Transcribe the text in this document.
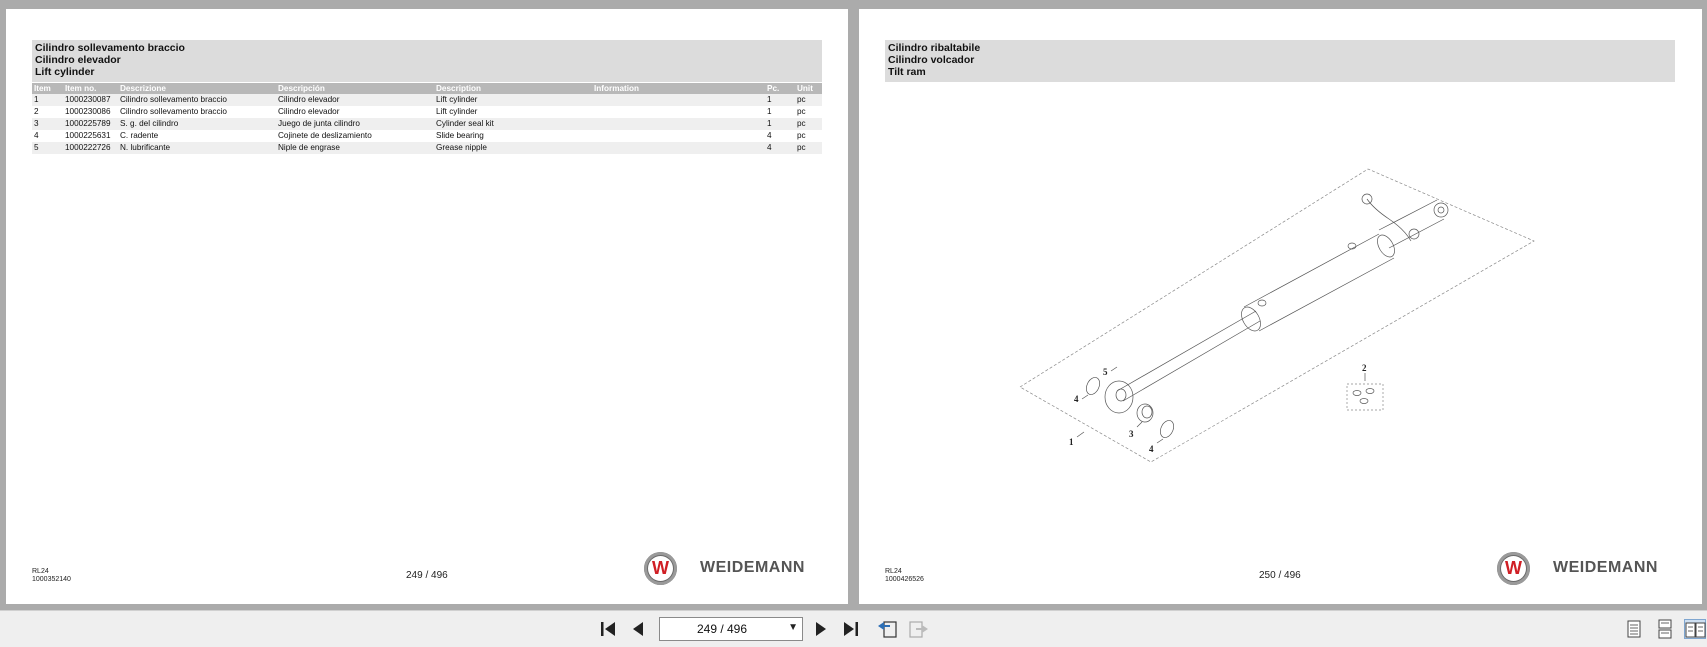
Cilindro sollevamento braccio
Cilindro elevador
Lift cylinder
Item	Item no.	Descrizione	Descripción	Description	Information	Pc.	Unit
1	1000230087	Cilindro sollevamento braccio	Cilindro elevador	Lift cylinder		1	pc
2	1000230086	Cilindro sollevamento braccio	Cilindro elevador	Lift cylinder		1	pc
3	1000225789	S. g. del cilindro	Juego de junta cilindro	Cylinder seal kit		1	pc
4	1000225631	C. radente	Cojinete de deslizamiento	Slide bearing		4	pc
5	1000222726	N. lubrificante	Niple de engrase	Grease nipple		4	pc
RL24
1000352140	249 / 496	W WEIDEMANN
Cilindro ribaltabile
Cilindro volcador
Tilt ram
1
2
3
4
4
5
RL24
1000426526	250 / 496	W WEIDEMANN
249 / 496	▼
